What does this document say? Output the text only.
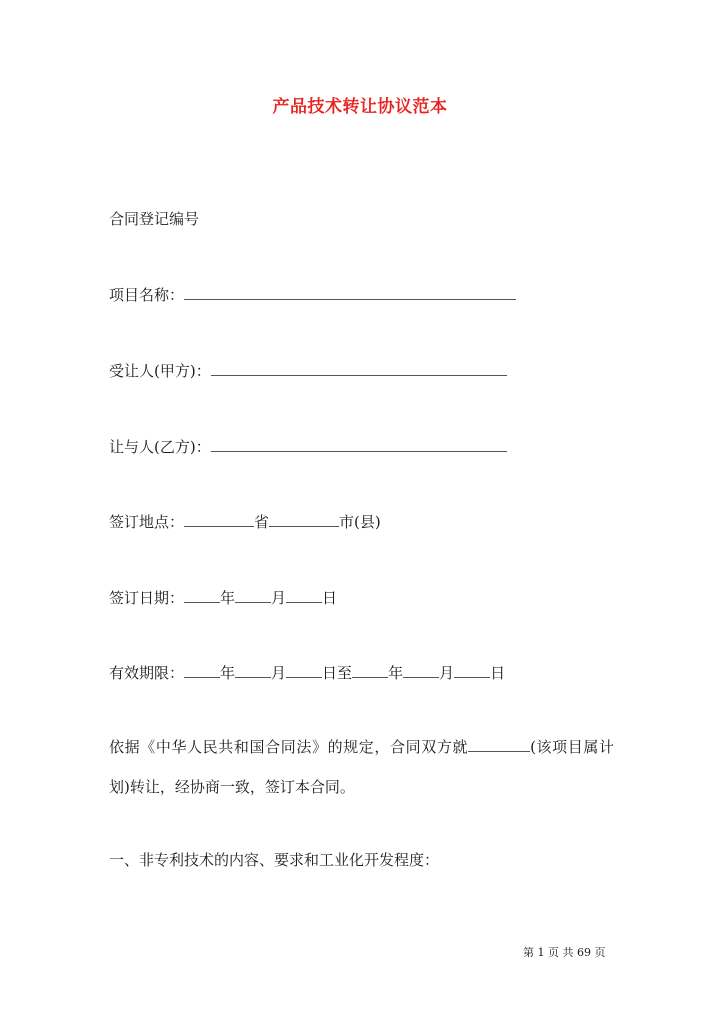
产品技术转让协议范本
合同登记编号
项目名称：
受让人(甲方)：
让与人(乙方)：
签订地点：	省	市(县)
签订日期： 年 月 日
有效期限： 年 月 日至 年 月 日
依据《中华人民共和国合同法》的规定，合同双方就	(该项目属计划)转让，经协商一致，签订本合同。
一、非专利技术的内容、要求和工业化开发程度：
第 1 页 共 69 页
